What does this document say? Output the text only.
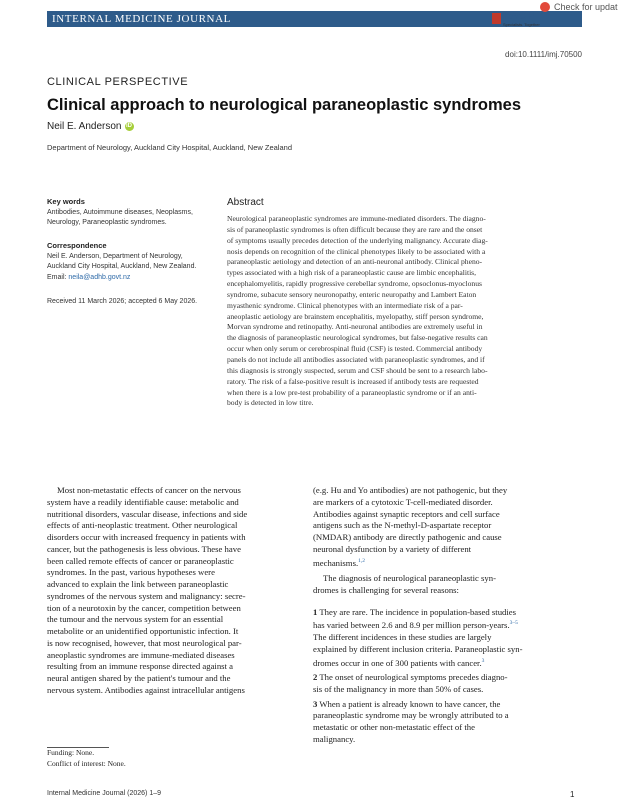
INTERNAL MEDICINE JOURNAL	RACP
Specialists. Together
Check for updat
doi:10.1111/imj.70500
CLINICAL PERSPECTIVE
Clinical approach to neurological paraneoplastic syndromes
Neil E. Anderson iD
Department of Neurology, Auckland City Hospital, Auckland, New Zealand
Key words
Antibodies, Autoimmune diseases, Neoplasms,
Neurology, Paraneoplastic syndromes.
Correspondence
Neil E. Anderson, Department of Neurology,
Auckland City Hospital, Auckland, New Zealand.
Email: neila@adhb.govt.nz
Received 11 March 2026; accepted 6 May 2026.
Abstract
Neurological paraneoplastic syndromes are immune-mediated disorders. The diagno-
sis of paraneoplastic syndromes is often difficult because they are rare and the onset
of symptoms usually precedes detection of the underlying malignancy. Accurate diag-
nosis depends on recognition of the clinical phenotypes likely to be associated with a
paraneoplastic aetiology and detection of an anti-neuronal antibody. Clinical pheno-
types associated with a high risk of a paraneoplastic cause are limbic encephalitis,
encephalomyelitis, rapidly progressive cerebellar syndrome, opsoclonus-myoclonus
syndrome, subacute sensory neuronopathy, enteric neuropathy and Lambert Eaton
myasthenic syndrome. Clinical phenotypes with an intermediate risk of a par-
aneoplastic aetiology are brainstem encephalitis, myelopathy, stiff person syndrome,
Morvan syndrome and retinopathy. Anti-neuronal antibodies are extremely useful in
the diagnosis of paraneoplastic neurological syndromes, but false-negative results can
occur when only serum or cerebrospinal fluid (CSF) is tested. Commercial antibody
panels do not include all antibodies associated with paraneoplastic syndromes, and if
this diagnosis is strongly suspected, serum and CSF should be sent to a research labo-
ratory. The risk of a false-positive result is increased if antibody tests are requested
when there is a low pre-test probability of a paraneoplastic syndrome or if an anti-
body is detected in low titre.
Most non-metastatic effects of cancer on the nervous
system have a readily identifiable cause: metabolic and
nutritional disorders, vascular disease, infections and side
effects of anti-neoplastic treatment. Other neurological
disorders occur with increased frequency in patients with
cancer, but the pathogenesis is less obvious. These have
been called remote effects of cancer or paraneoplastic
syndromes. In the past, various hypotheses were
advanced to explain the link between paraneoplastic
syndromes of the nervous system and malignancy: secre-
tion of a neurotoxin by the cancer, competition between
the tumour and the nervous system for an essential
metabolite or an unidentified opportunistic infection. It
is now recognised, however, that most neurological par-
aneoplastic syndromes are immune-mediated diseases
resulting from an immune response directed against a
neural antigen shared by the patient's tumour and the
nervous system. Antibodies against intracellular antigens
Funding: None.
Conflict of interest: None.
(e.g. Hu and Yo antibodies) are not pathogenic, but they
are markers of a cytotoxic T-cell-mediated disorder.
Antibodies against synaptic receptors and cell surface
antigens such as the N-methyl-D-aspartate receptor
(NMDAR) antibody are directly pathogenic and cause
neuronal dysfunction by a variety of different
mechanisms.$^{1,2}$
The diagnosis of neurological paraneoplastic syn-
dromes is challenging for several reasons:
1 They are rare. The incidence in population-based studies
has varied between 2.6 and 8.9 per million person-years.$^{3-5}$
The different incidences in these studies are largely
explained by different inclusion criteria. Paraneoplastic syn-
dromes occur in one of 300 patients with cancer.$^3$
2 The onset of neurological symptoms precedes diagno-
sis of the malignancy in more than 50% of cases.
3 When a patient is already known to have cancer, the
paraneoplastic syndrome may be wrongly attributed to a
metastatic or other non-metastatic effect of the
malignancy.
Internal Medicine Journal (2026) 1–9	1
